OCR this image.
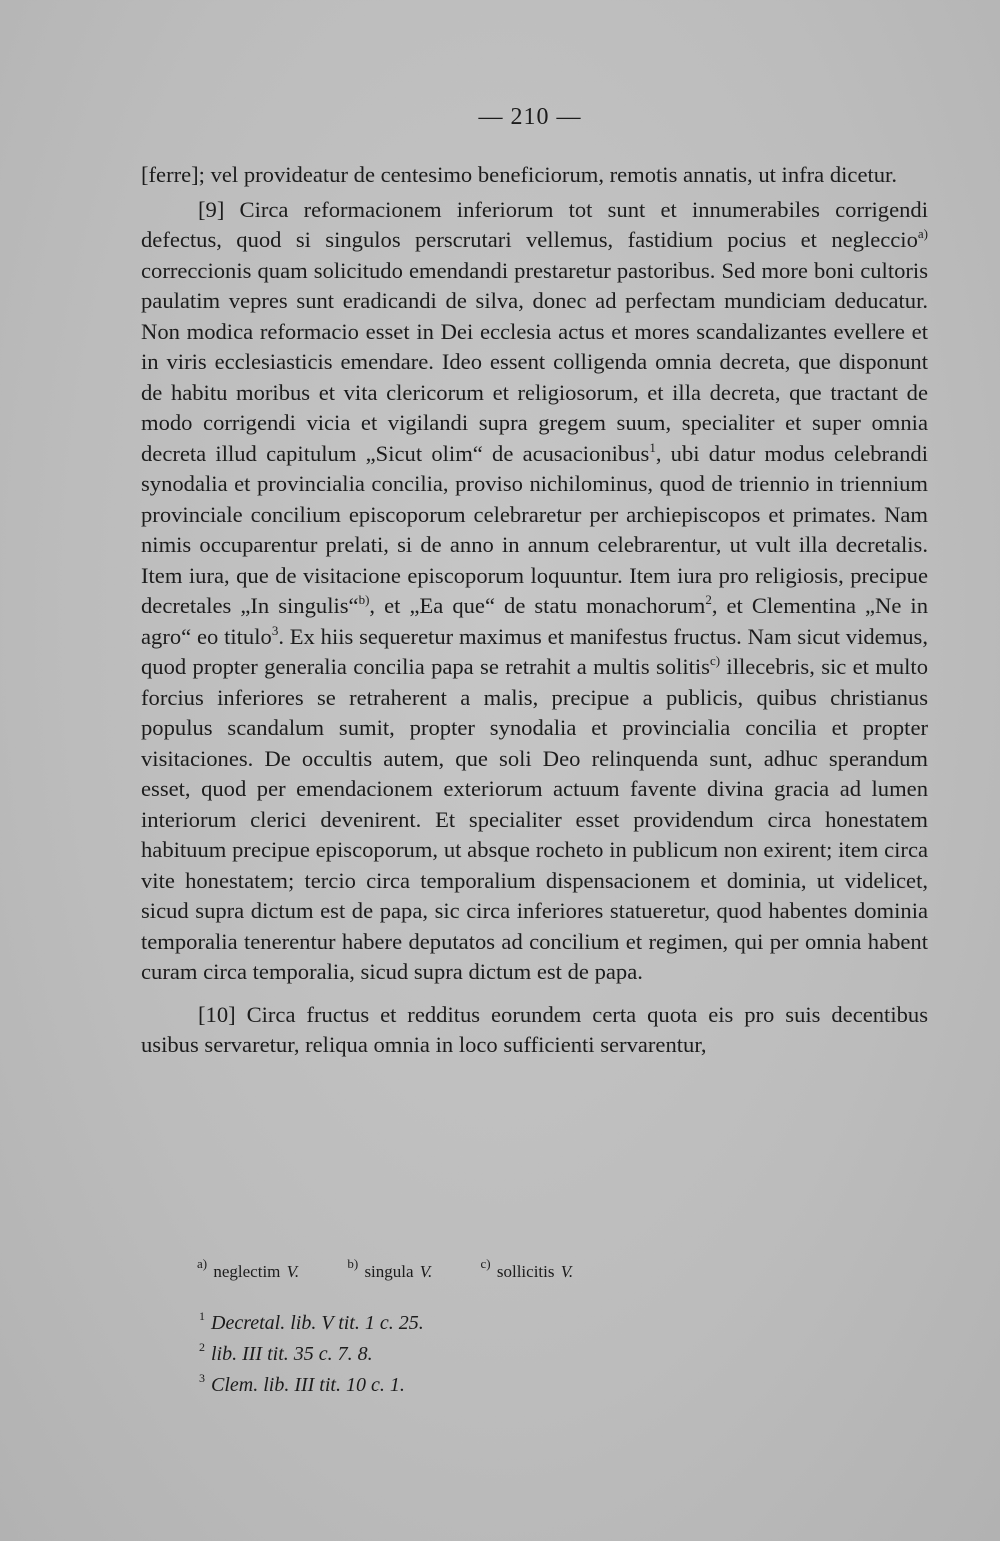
— 210 —

[ferre]; vel provideatur de centesimo beneficiorum, remotis annatis, ut infra dicetur.

[9] Circa reformacionem inferiorum tot sunt et innumerabiles corrigendi defectus, quod si singulos perscrutari vellemus, fastidium pocius et negleccio$^{a)}$ correccionis quam solicitudo emendandi prestaretur pastoribus. Sed more boni cultoris paulatim vepres sunt eradicandi de silva, donec ad perfectam mundiciam deducatur. Non modica reformacio esset in Dei ecclesia actus et mores scandalizantes evellere et in viris ecclesiasticis emendare. Ideo essent colligenda omnia decreta, que disponunt de habitu moribus et vita clericorum et religiosorum, et illa decreta, que tractant de modo corrigendi vicia et vigilandi supra gregem suum, specialiter et super omnia decreta illud capitulum „Sicut olim“ de acusacionibus$^1$, ubi datur modus celebrandi synodalia et provincialia concilia, proviso nichilominus, quod de triennio in triennium provinciale concilium episcoporum celebraretur per archiepiscopos et primates. Nam nimis occuparentur prelati, si de anno in annum celebrarentur, ut vult illa decretalis. Item iura, que de visitacione episcoporum loquuntur. Item iura pro religiosis, precipue decretales „In singulis“$^{b)}$, et „Ea que“ de statu monachorum$^2$, et Clementina „Ne in agro“ eo titulo$^3$. Ex hiis sequeretur maximus et manifestus fructus. Nam sicut videmus, quod propter generalia concilia papa se retrahit a multis solitis$^{c)}$ illecebris, sic et multo forcius inferiores se retraherent a malis, precipue a publicis, quibus christianus populus scandalum sumit, propter synodalia et provincialia concilia et propter visitaciones. De occultis autem, que soli Deo relinquenda sunt, adhuc sperandum esset, quod per emendacionem exteriorum actuum favente divina gracia ad lumen interiorum clerici devenirent. Et specialiter esset providendum circa honestatem habituum precipue episcoporum, ut absque rocheto in publicum non exirent; item circa vite honestatem; tercio circa temporalium dispensacionem et dominia, ut videlicet, sicud supra dictum est de papa, sic circa inferiores statueretur, quod habentes dominia temporalia tenerentur habere deputatos ad concilium et regimen, qui per omnia habent curam circa temporalia, sicud supra dictum est de papa.

[10] Circa fructus et redditus eorundem certa quota eis pro suis decentibus usibus servaretur, reliqua omnia in loco sufficienti servarentur,

$^{a)}$ neglectim V.	$^{b)}$ singula V.	$^{c)}$ sollicitis V.
$^1$ Decretal. lib. V tit. 1 c. 25.
$^2$ lib. III tit. 35 c. 7. 8.
$^3$ Clem. lib. III tit. 10 c. 1.
